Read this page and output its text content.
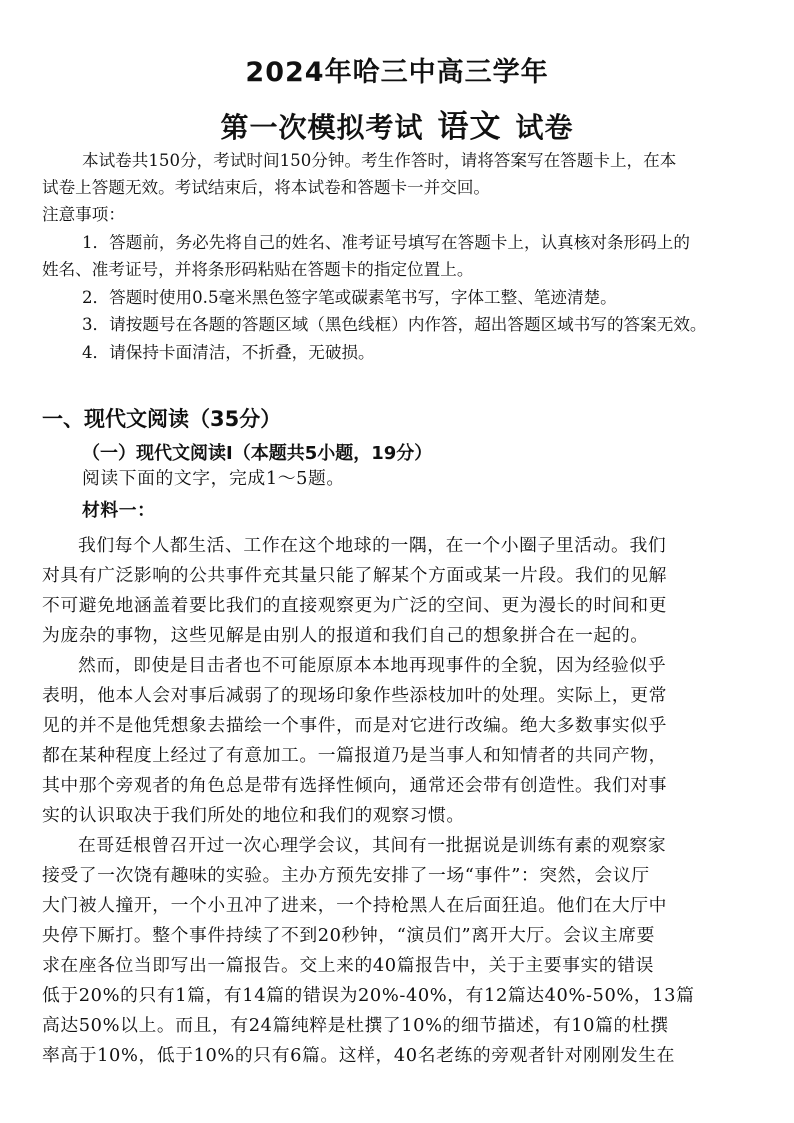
2024年哈三中高三学年
第一次模拟考试 语文 试卷
本试卷共150分，考试时间150分钟。考生作答时，请将答案写在答题卡上，在本
试卷上答题无效。考试结束后，将本试卷和答题卡一并交回。
注意事项：
1．答题前，务必先将自己的姓名、准考证号填写在答题卡上，认真核对条形码上的
姓名、准考证号，并将条形码粘贴在答题卡的指定位置上。
2．答题时使用0.5毫米黑色签字笔或碳素笔书写，字体工整、笔迹清楚。
3．请按题号在各题的答题区域（黑色线框）内作答，超出答题区域书写的答案无效。
4．请保持卡面清洁，不折叠，无破损。
一、现代文阅读（35分）
（一）现代文阅读Ⅰ（本题共5小题，19分）
阅读下面的文字，完成1～5题。
材料一：
我们每个人都生活、工作在这个地球的一隅，在一个小圈子里活动。我们
对具有广泛影响的公共事件充其量只能了解某个方面或某一片段。我们的见解
不可避免地涵盖着要比我们的直接观察更为广泛的空间、更为漫长的时间和更
为庞杂的事物，这些见解是由别人的报道和我们自己的想象拼合在一起的。
然而，即使是目击者也不可能原原本本地再现事件的全貌，因为经验似乎
表明，他本人会对事后减弱了的现场印象作些添枝加叶的处理。实际上，更常
见的并不是他凭想象去描绘一个事件，而是对它进行改编。绝大多数事实似乎
都在某种程度上经过了有意加工。一篇报道乃是当事人和知情者的共同产物，
其中那个旁观者的角色总是带有选择性倾向，通常还会带有创造性。我们对事
实的认识取决于我们所处的地位和我们的观察习惯。
在哥廷根曾召开过一次心理学会议，其间有一批据说是训练有素的观察家
接受了一次饶有趣味的实验。主办方预先安排了一场“事件”：突然，会议厅
大门被人撞开，一个小丑冲了进来，一个持枪黑人在后面狂追。他们在大厅中
央停下厮打。整个事件持续了不到20秒钟，“演员们”离开大厅。会议主席要
求在座各位当即写出一篇报告。交上来的40篇报告中，关于主要事实的错误
低于20%的只有1篇，有14篇的错误为20%-40%，有12篇达40%-50%，13篇
高达50%以上。而且，有24篇纯粹是杜撰了10%的细节描述，有10篇的杜撰
率高于10%，低于10%的只有6篇。这样，40名老练的旁观者针对刚刚发生在
